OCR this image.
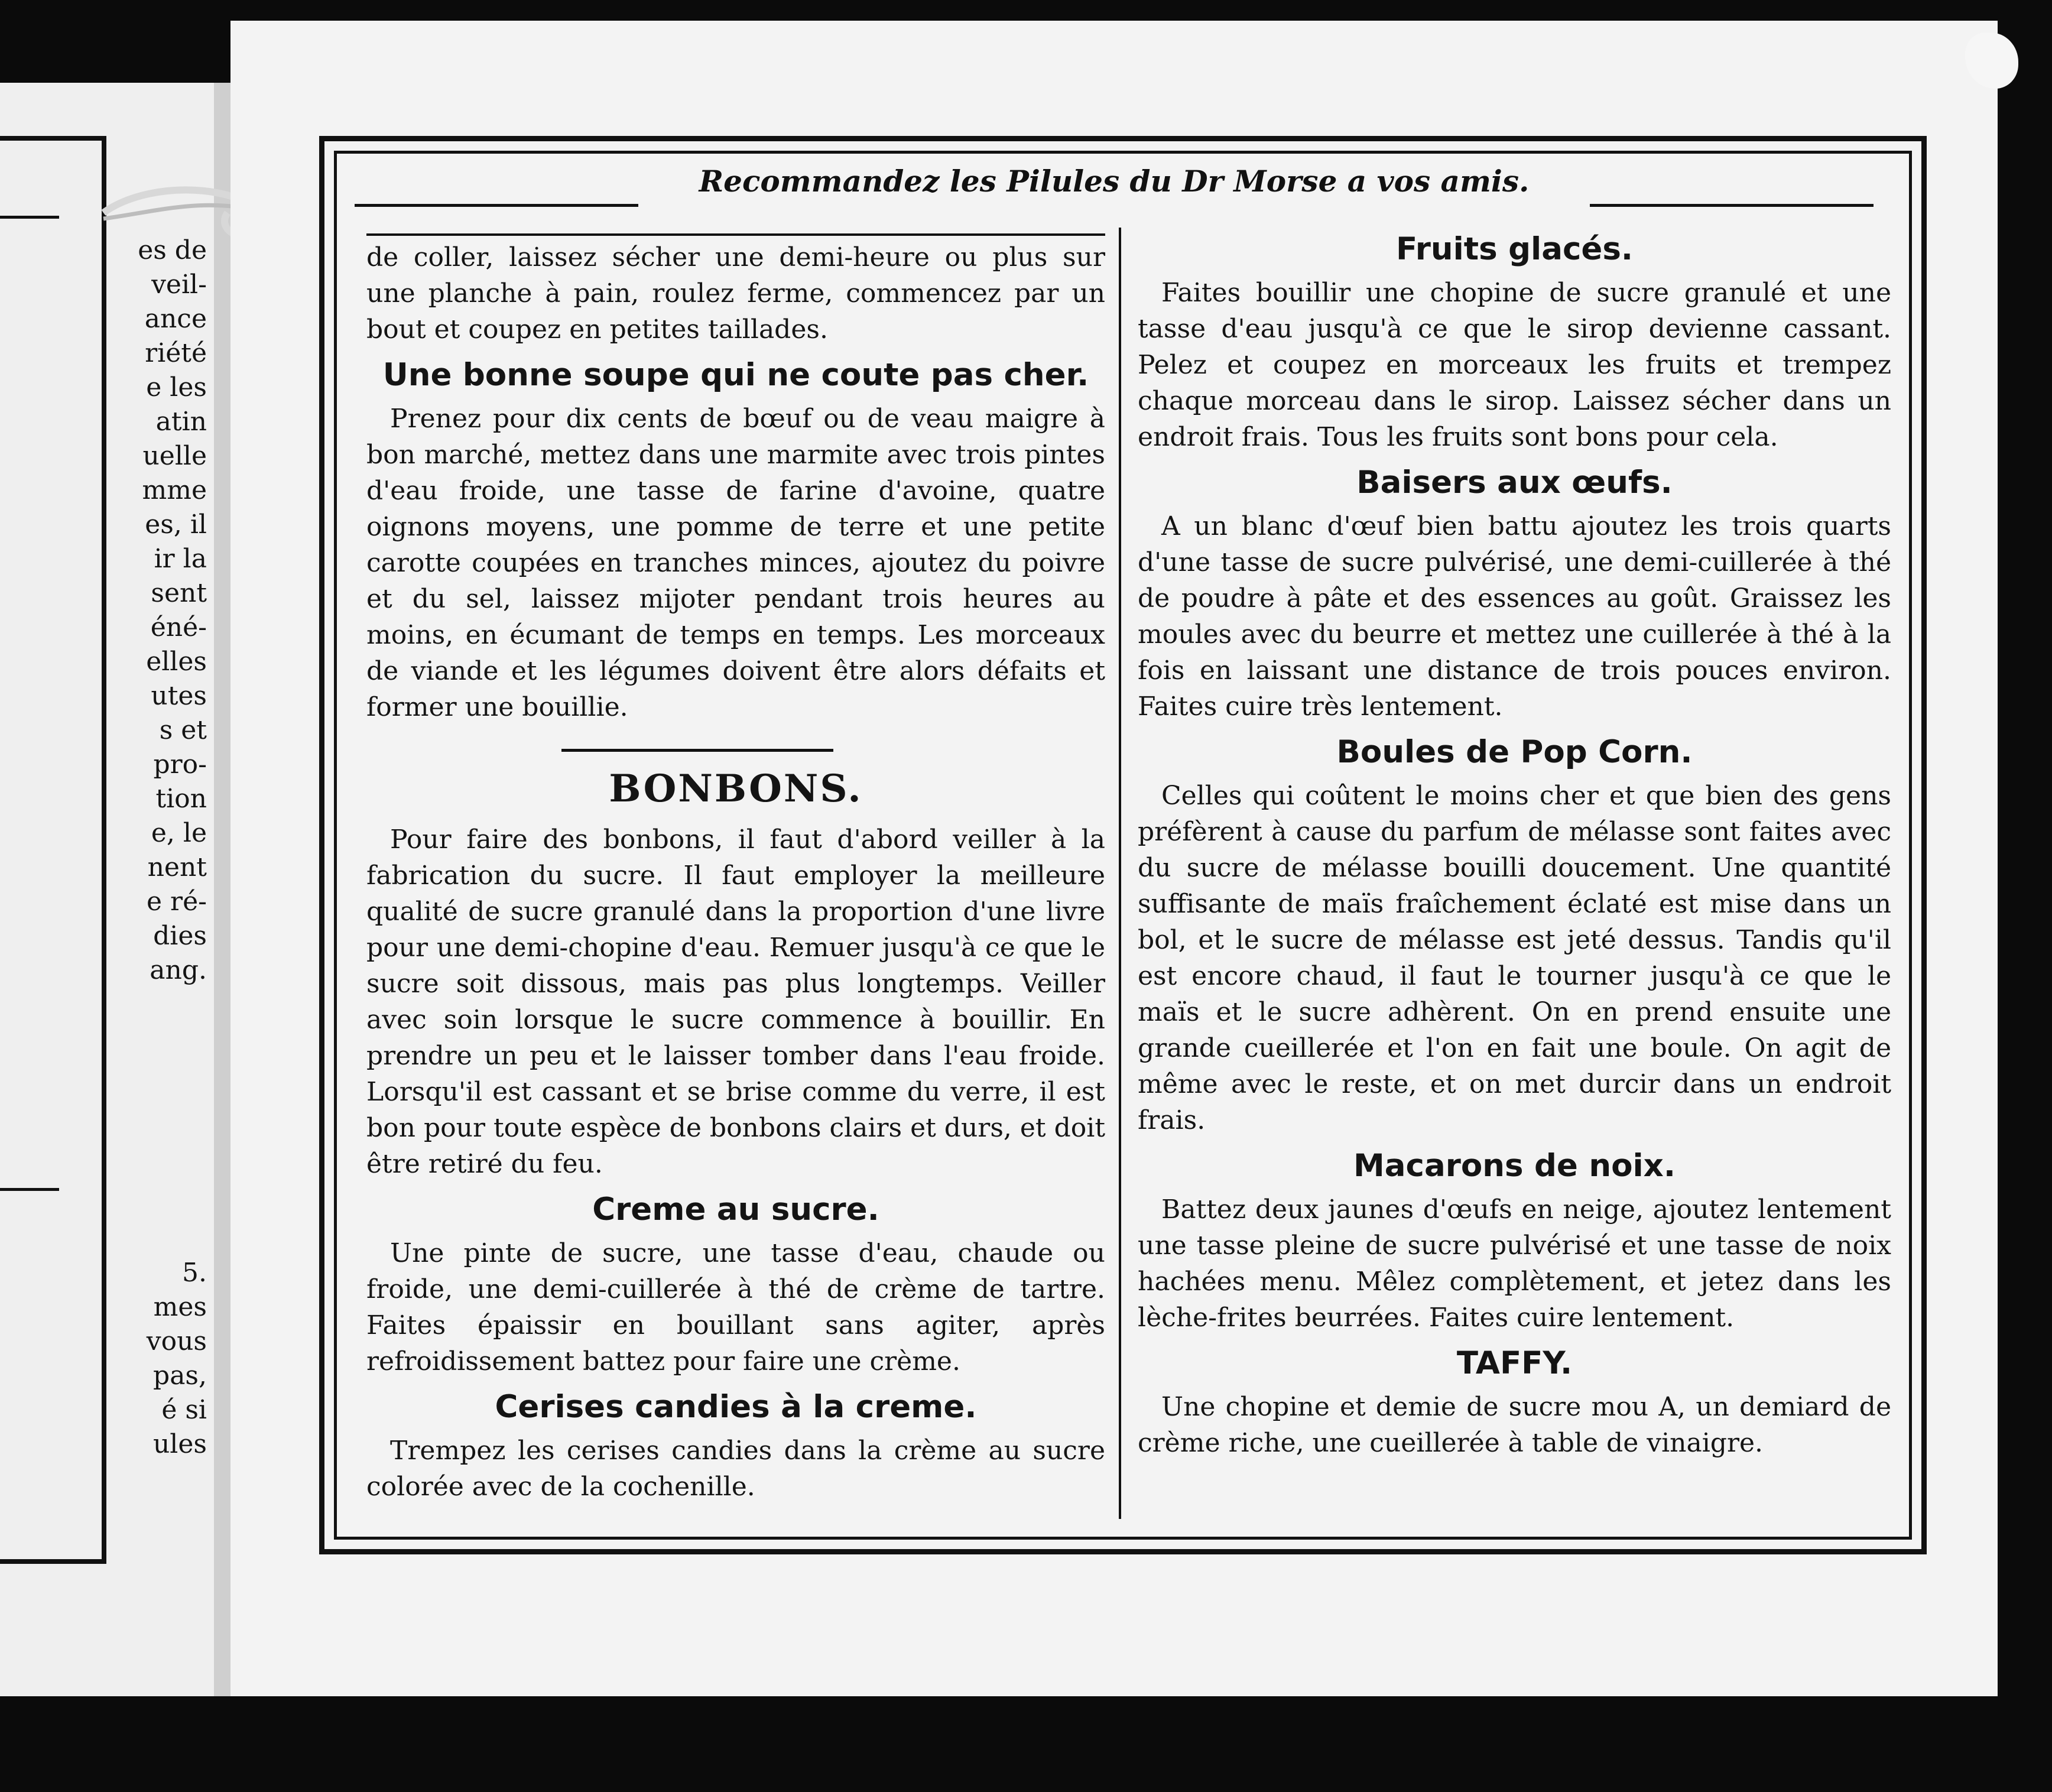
es de
veil-
ance
riété
e les
atin
uelle
mme
es, il
ir la
sent
éné-
elles
utes
s et
pro-
tion
e, le
nent
e ré-
dies
ang.
5.
mes
vous
pas,
é si
ules
Recommandez les Pilules du Dr Morse a vos amis.

de coller, laissez sécher une demi-heure ou plus sur une planche à pain, roulez ferme, commencez par un bout et coupez en petites taillades.

Une bonne soupe qui ne coute pas cher.

Prenez pour dix cents de bœuf ou de veau maigre à bon marché, mettez dans une marmite avec trois pintes d'eau froide, une tasse de farine d'avoine, quatre oignons moyens, une pomme de terre et une petite carotte coupées en tranches minces, ajoutez du poivre et du sel, laissez mijoter pendant trois heures au moins, en écumant de temps en temps. Les morceaux de viande et les légumes doivent être alors défaits et former une bouillie.

BONBONS.

Pour faire des bonbons, il faut d'abord veiller à la fabrication du sucre. Il faut employer la meilleure qualité de sucre granulé dans la proportion d'une livre pour une demi-chopine d'eau. Remuer jusqu'à ce que le sucre soit dissous, mais pas plus longtemps. Veiller avec soin lorsque le sucre commence à bouillir. En prendre un peu et le laisser tomber dans l'eau froide. Lorsqu'il est cassant et se brise comme du verre, il est bon pour toute espèce de bonbons clairs et durs, et doit être retiré du feu.

Creme au sucre.

Une pinte de sucre, une tasse d'eau, chaude ou froide, une demi-cuillerée à thé de crème de tartre. Faites épaissir en bouillant sans agiter, après refroidissement battez pour faire une crème.

Cerises candies à la creme.

Trempez les cerises candies dans la crème au sucre colorée avec de la cochenille.

Fruits glacés.

Faites bouillir une chopine de sucre granulé et une tasse d'eau jusqu'à ce que le sirop devienne cassant. Pelez et coupez en morceaux les fruits et trempez chaque morceau dans le sirop. Laissez sécher dans un endroit frais. Tous les fruits sont bons pour cela.

Baisers aux œufs.

A un blanc d'œuf bien battu ajoutez les trois quarts d'une tasse de sucre pulvérisé, une demi-cuillerée à thé de poudre à pâte et des essences au goût. Graissez les moules avec du beurre et mettez une cuillerée à thé à la fois en laissant une distance de trois pouces environ. Faites cuire très lentement.

Boules de Pop Corn.

Celles qui coûtent le moins cher et que bien des gens préfèrent à cause du parfum de mélasse sont faites avec du sucre de mélasse bouilli doucement. Une quantité suffisante de maïs fraîchement éclaté est mise dans un bol, et le sucre de mélasse est jeté dessus. Tandis qu'il est encore chaud, il faut le tourner jusqu'à ce que le maïs et le sucre adhèrent. On en prend ensuite une grande cueillerée et l'on en fait une boule. On agit de même avec le reste, et on met durcir dans un endroit frais.

Macarons de noix.

Battez deux jaunes d'œufs en neige, ajoutez lentement une tasse pleine de sucre pulvérisé et une tasse de noix hachées menu. Mêlez complètement, et jetez dans les lèche-frites beurrées. Faites cuire lentement.

TAFFY.

Une chopine et demie de sucre mou A, un demiard de crème riche, une cueillerée à table de vinaigre.
